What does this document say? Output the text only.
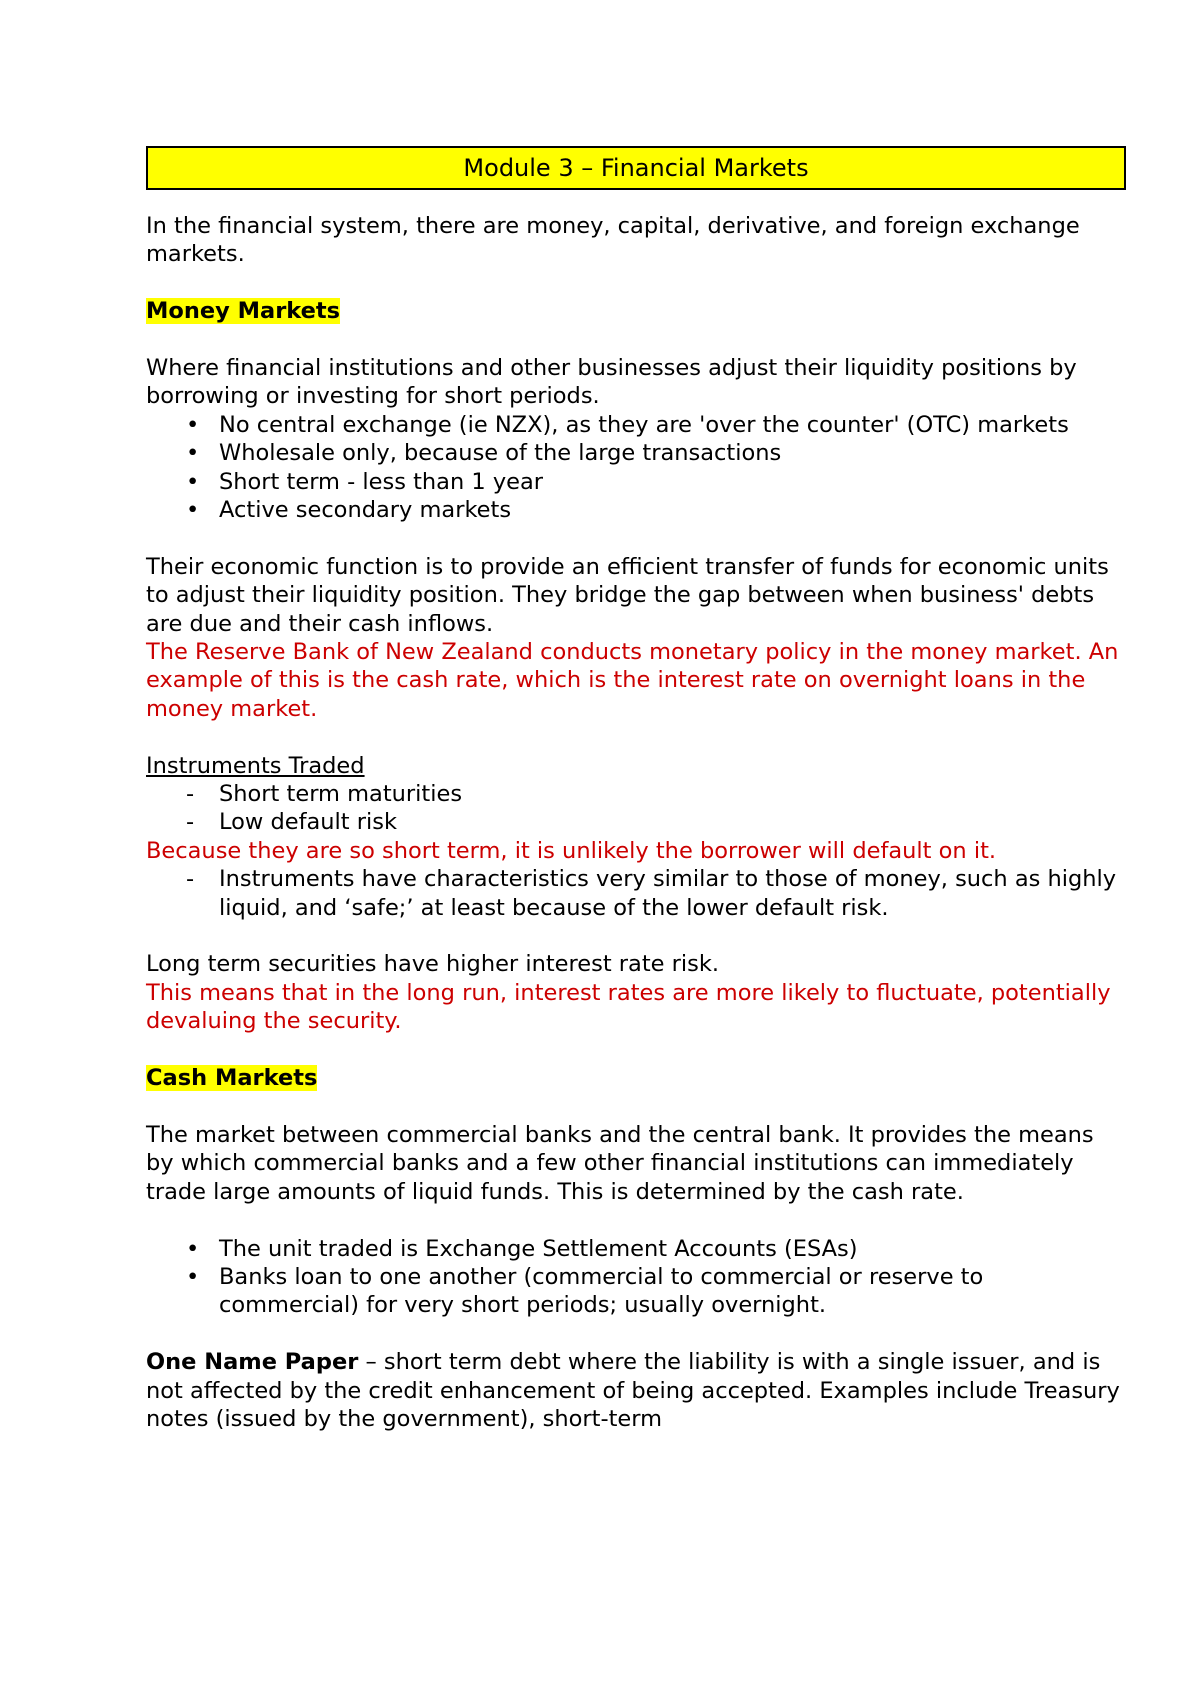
Module 3 – Financial Markets

In the financial system, there are money, capital, derivative, and foreign exchange markets.

Money Markets

Where financial institutions and other businesses adjust their liquidity positions by borrowing or investing for short periods.

• No central exchange (ie NZX), as they are 'over the counter' (OTC) markets
• Wholesale only, because of the large transactions
• Short term - less than 1 year
• Active secondary markets

Their economic function is to provide an efficient transfer of funds for economic units to adjust their liquidity position. They bridge the gap between when business' debts are due and their cash inflows.

The Reserve Bank of New Zealand conducts monetary policy in the money market. An example of this is the cash rate, which is the interest rate on overnight loans in the money market.

Instruments Traded

-	Short term maturities
-	Low default risk

Because they are so short term, it is unlikely the borrower will default on it.

-	Instruments have characteristics very similar to those of money, such as highly liquid, and ‘safe;’ at least because of the lower default risk.

Long term securities have higher interest rate risk.

This means that in the long run, interest rates are more likely to fluctuate, potentially devaluing the security.

Cash Markets

The market between commercial banks and the central bank. It provides the means by which commercial banks and a few other financial institutions can immediately trade large amounts of liquid funds. This is determined by the cash rate.

• The unit traded is Exchange Settlement Accounts (ESAs)
• Banks loan to one another (commercial to commercial or reserve to commercial) for very short periods; usually overnight.

One Name Paper – short term debt where the liability is with a single issuer, and is not affected by the credit enhancement of being accepted. Examples include Treasury notes (issued by the government), short-term
